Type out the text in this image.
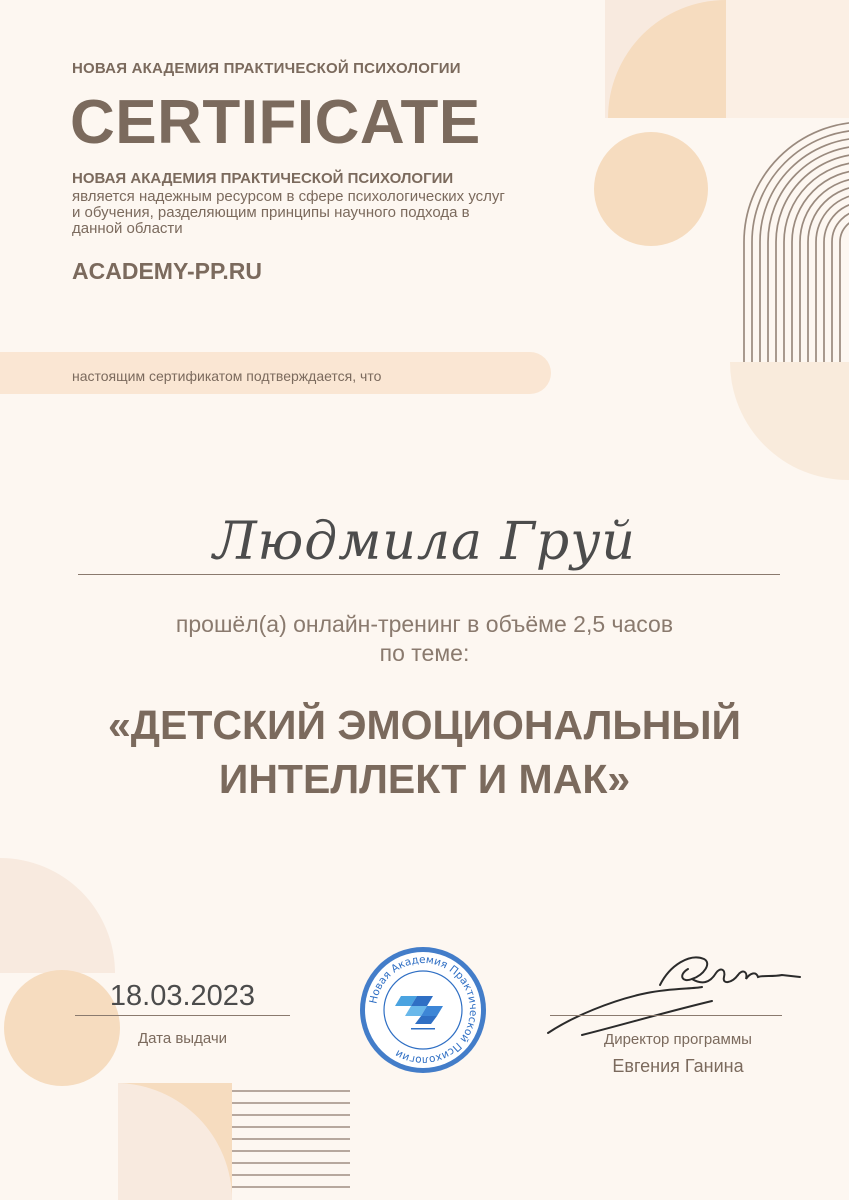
НОВАЯ АКАДЕМИЯ ПРАКТИЧЕСКОЙ ПСИХОЛОГИИ
CERTIFICATE
НОВАЯ АКАДЕМИЯ ПРАКТИЧЕСКОЙ ПСИХОЛОГИИ
является надежным ресурсом в сфере психологических услуг и обучения, разделяющим принципы научного подхода в данной области
ACADEMY-PP.RU
настоящим сертификатом подтверждается, что
Людмила Груй
прошёл(а) онлайн-тренинг в объёме 2,5 часов
по теме:
«ДЕТСКИЙ ЭМОЦИОНАЛЬНЫЙ
ИНТЕЛЛЕКТ И МАК»
18.03.2023
Дата выдачи
Новая Академия Практической Психологии
Директор программы
Евгения Ганина
